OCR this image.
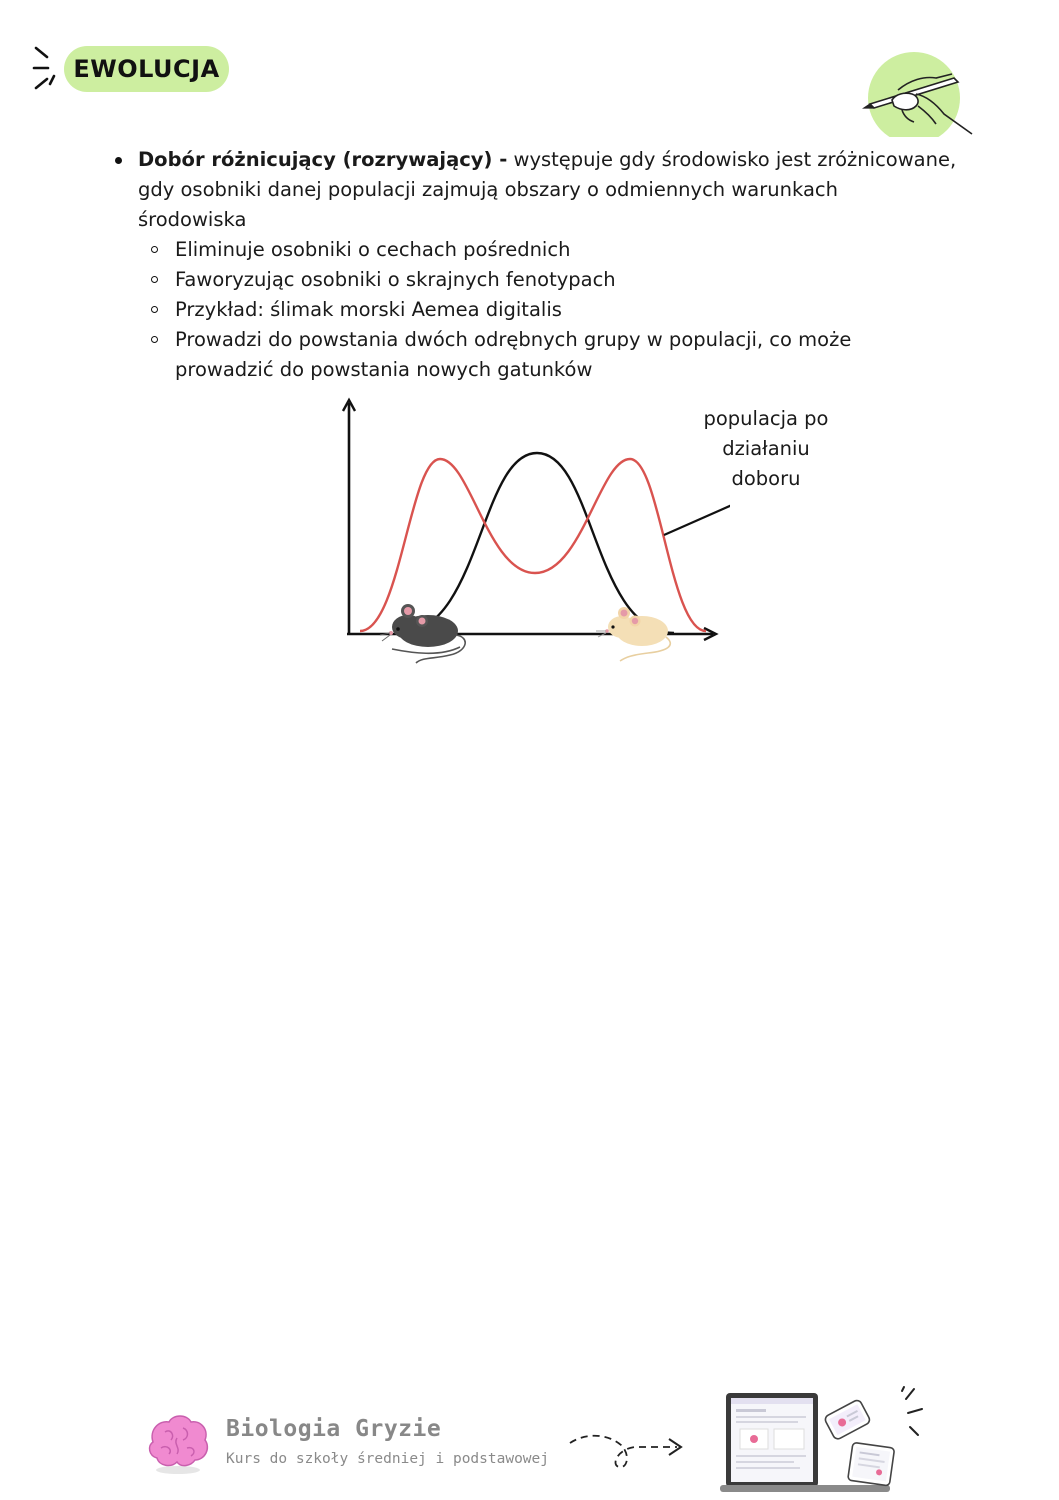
EWOLUCJA
Dobór różnicujący (rozrywający) - występuje gdy środowisko jest zróżnicowane,
gdy osobniki danej populacji zajmują obszary o odmiennych warunkach
środowiska
Eliminuje osobniki o cechach pośrednich
Faworyzując osobniki o skrajnych fenotypach
Przykład: ślimak morski Aemea digitalis
Prowadzi do powstania dwóch odrębnych grupy w populacji, co może
prowadzić do powstania nowych gatunków
populacja po
działaniu
doboru
Biologia Gryzie
Kurs do szkoły średniej i podstawowej
